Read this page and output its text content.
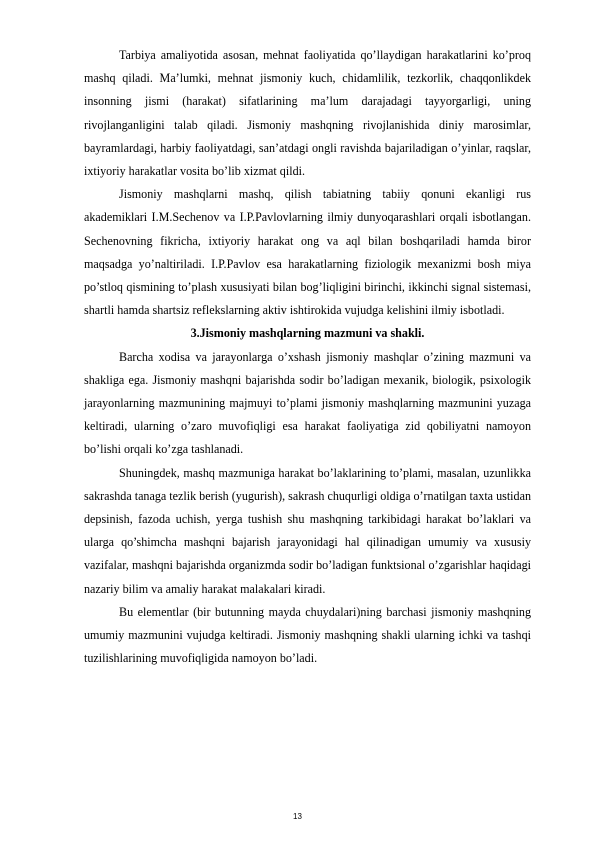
Tarbiya amaliyotida asosan, mehnat faoliyatida qo’llaydigan harakatlarini ko’proq mashq qiladi. Ma’lumki, mehnat jismoniy kuch, chidamlilik, tezkorlik, chaqqonlikdek insonning jismi (harakat) sifatlarining ma’lum darajadagi tayyorgarligi, uning rivojlanganligini talab qiladi. Jismoniy mashqning rivojlanishida diniy marosimlar, bayramlardagi, harbiy faoliyatdagi, san’atdagi ongli ravishda bajariladigan o’yinlar, raqslar, ixtiyoriy harakatlar vosita bo’lib xizmat qildi.

Jismoniy mashqlarni mashq, qilish tabiatning tabiiy qonuni ekanligi rus akademiklari I.M.Sechenov va I.P.Pavlovlarning ilmiy dunyoqarashlari orqali isbotlangan. Sechenovning fikricha, ixtiyoriy harakat ong va aql bilan boshqariladi hamda biror maqsadga yo’naltiriladi. I.P.Pavlov esa harakatlarning fiziologik mexanizmi bosh miya po’stloq qismining to’plash xususiyati bilan bog’liqligini birinchi, ikkinchi signal sistemasi, shartli hamda shartsiz reflekslarning aktiv ishtirokida vujudga kelishini ilmiy isbotladi.

3.Jismoniy mashqlarning mazmuni va shakli.

Barcha xodisa va jarayonlarga o’xshash jismoniy mashqlar o’zining mazmuni va shakliga ega. Jismoniy mashqni bajarishda sodir bo’ladigan mexanik, biologik, psixologik jarayonlarning mazmunining majmuyi to’plami jismoniy mashqlarning mazmunini yuzaga keltiradi, ularning o’zaro muvofiqligi esa harakat faoliyatiga zid qobiliyatni namoyon bo’lishi orqali ko’zga tashlanadi.

Shuningdek, mashq mazmuniga harakat bo’laklarining to’plami, masalan, uzunlikka sakrashda tanaga tezlik berish (yugurish), sakrash chuqurligi oldiga o’rnatilgan taxta ustidan depsinish, fazoda uchish, yerga tushish shu mashqning tarkibidagi harakat bo’laklari va ularga qo’shimcha mashqni bajarish jarayonidagi hal qilinadigan umumiy va xususiy vazifalar, mashqni bajarishda organizmda sodir bo’ladigan funktsional o’zgarishlar haqidagi nazariy bilim va amaliy harakat malakalari kiradi.

Bu elementlar (bir butunning mayda chuydalari)ning barchasi jismoniy mashqning umumiy mazmunini vujudga keltiradi. Jismoniy mashqning shakli ularning ichki va tashqi tuzilishlarining muvofiqligida namoyon bo’ladi.

13
